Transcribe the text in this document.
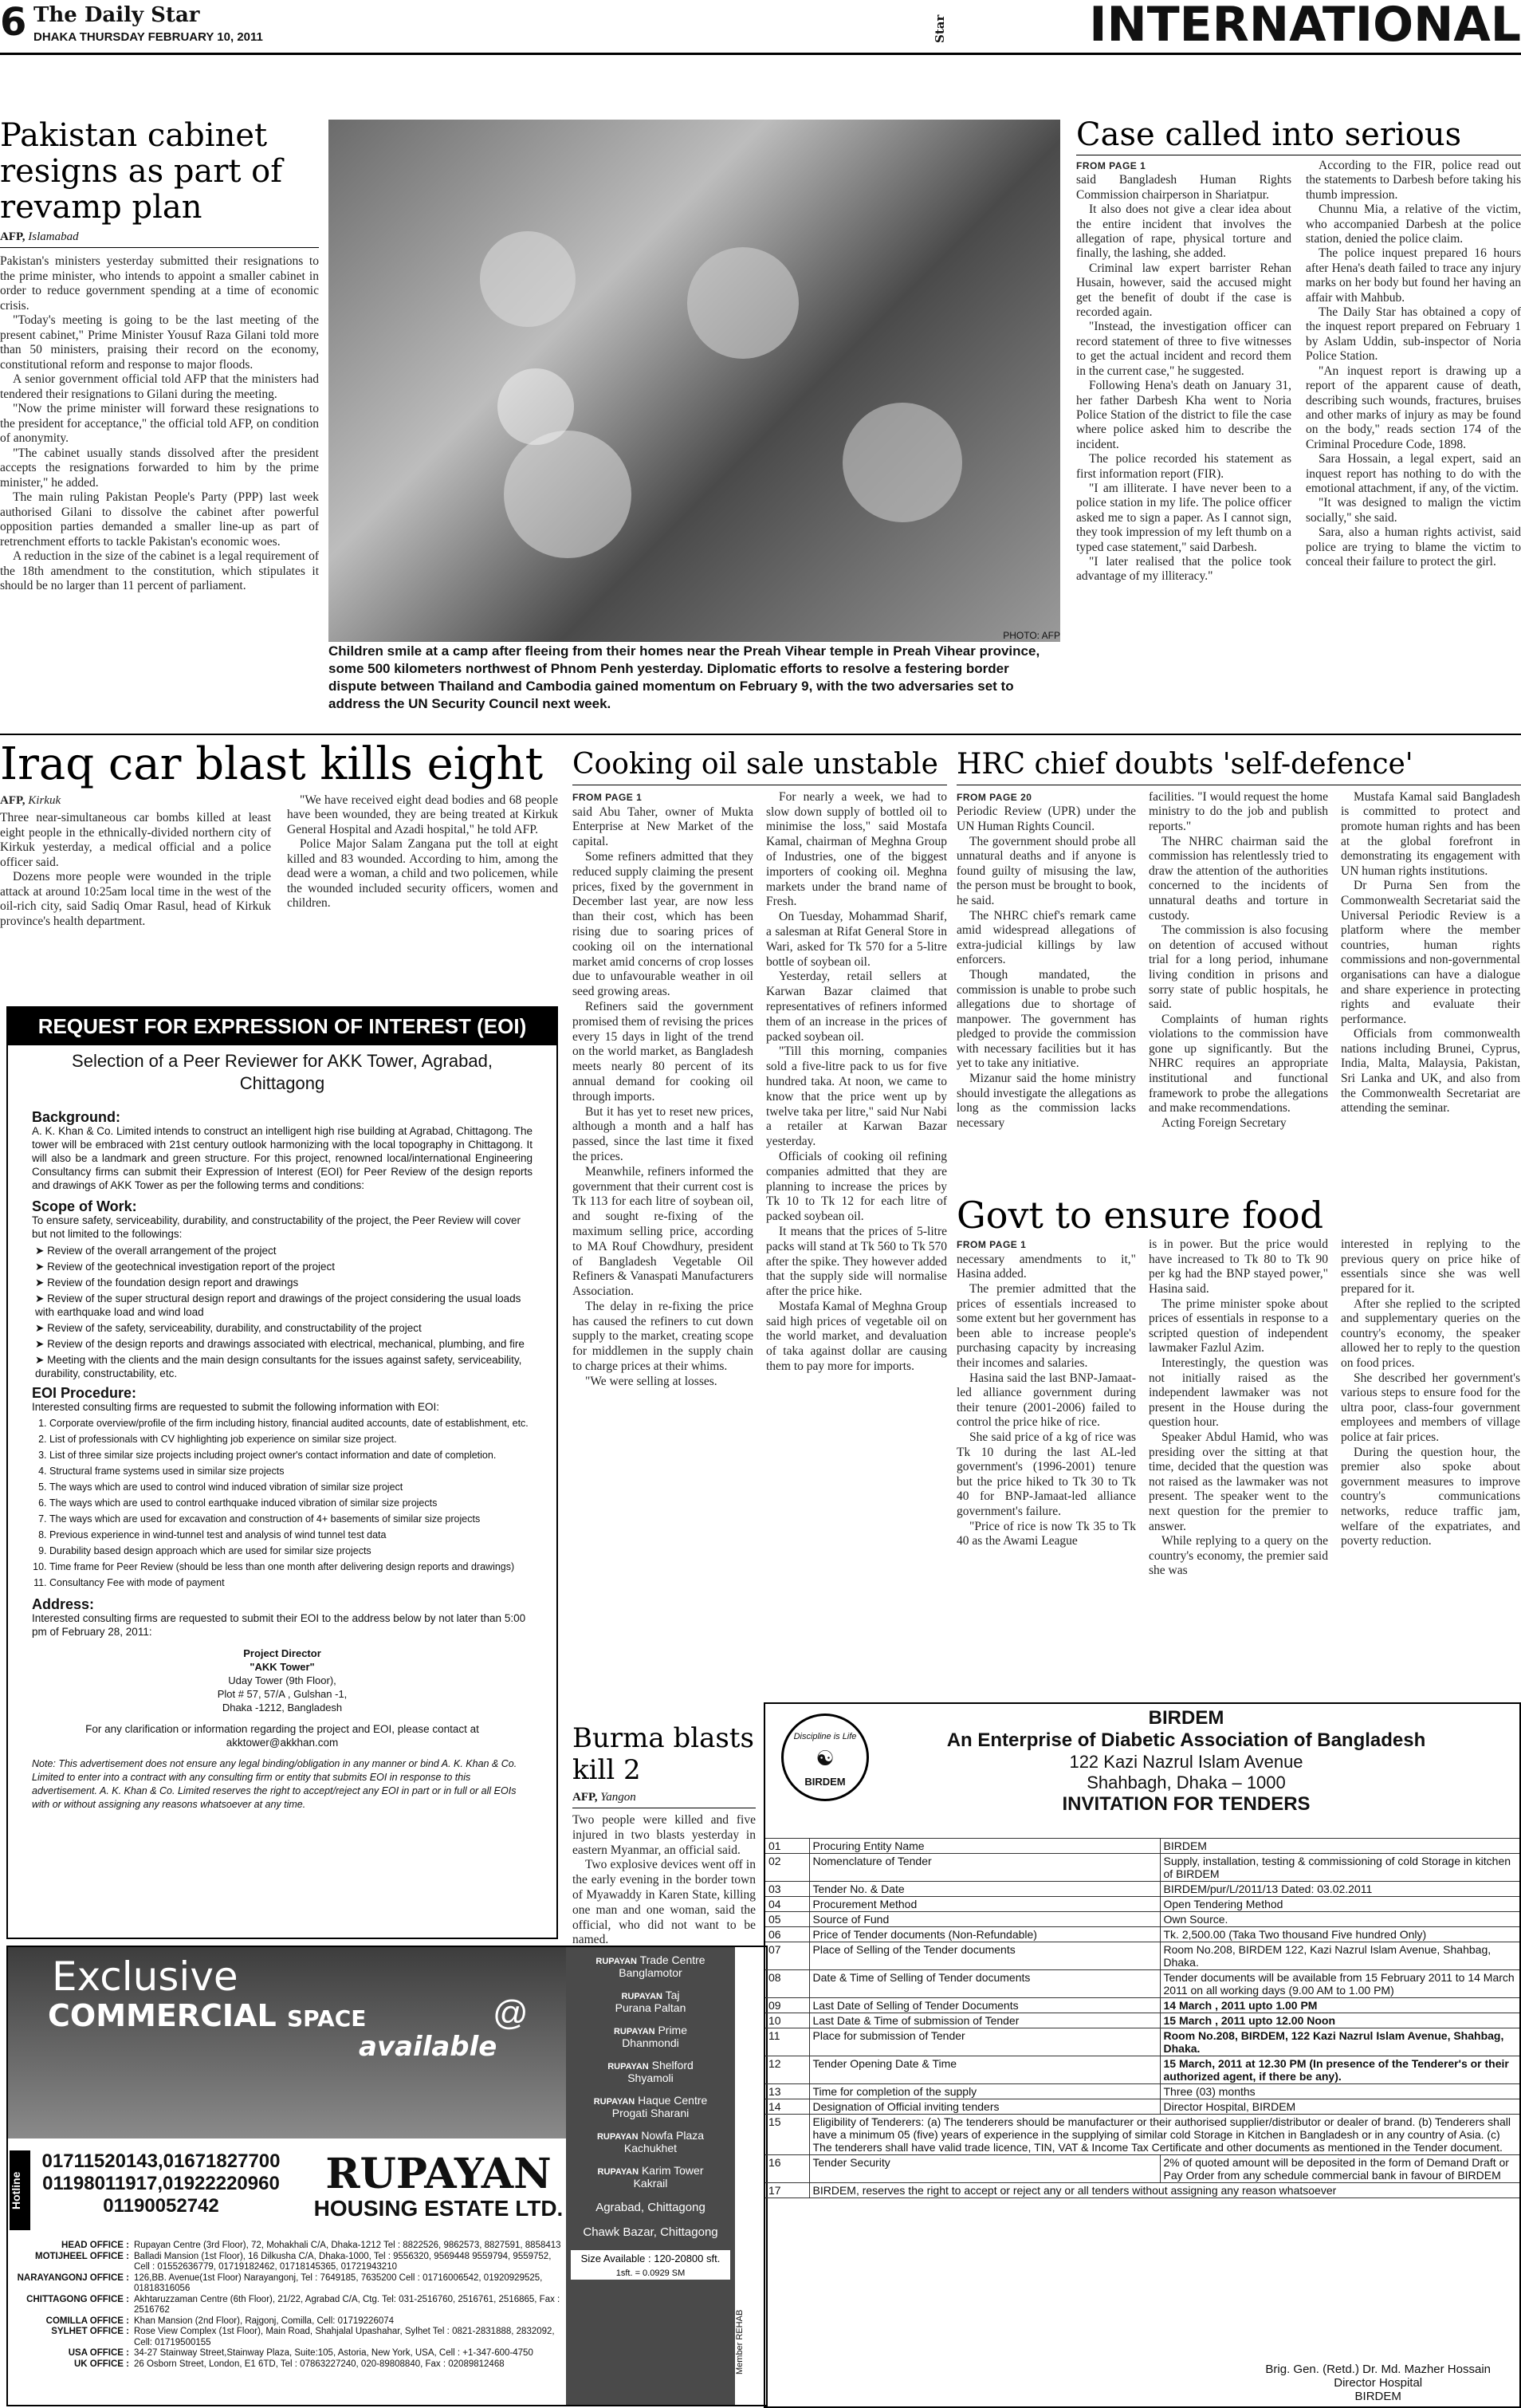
6 The Daily Star
DHAKA THURSDAY FEBRUARY 10, 2011	Star	INTERNATIONAL
Pakistan cabinet resigns as part of revamp plan
AFP, Islamabad

Pakistan's ministers yesterday submitted their resignations to the prime minister, who intends to appoint a smaller cabinet in order to reduce government spending at a time of economic crisis.

"Today's meeting is going to be the last meeting of the present cabinet," Prime Minister Yousuf Raza Gilani told more than 50 ministers, praising their record on the economy, constitutional reform and response to major floods.

A senior government official told AFP that the ministers had tendered their resignations to Gilani during the meeting.

"Now the prime minister will forward these resignations to the president for acceptance," the official told AFP, on condition of anonymity.

"The cabinet usually stands dissolved after the president accepts the resignations forwarded to him by the prime minister," he added.

The main ruling Pakistan People's Party (PPP) last week authorised Gilani to dissolve the cabinet after powerful opposition parties demanded a smaller line-up as part of retrenchment efforts to tackle Pakistan's economic woes.

A reduction in the size of the cabinet is a legal requirement of the 18th amendment to the constitution, which stipulates it should be no larger than 11 percent of parliament.

PHOTO: AFP
Children smile at a camp after fleeing from their homes near the Preah Vihear temple in Preah Vihear province, some 500 kilometers northwest of Phnom Penh yesterday. Diplomatic efforts to resolve a festering border dispute between Thailand and Cambodia gained momentum on February 9, with the two adversaries set to address the UN Security Council next week.
Case called into serious
FROM PAGE 1

said Bangladesh Human Rights Commission chairperson in Shariatpur.

It also does not give a clear idea about the entire incident that involves the allegation of rape, physical torture and finally, the lashing, she added.

Criminal law expert barrister Rehan Husain, however, said the accused might get the benefit of doubt if the case is recorded again.

"Instead, the investigation officer can record statement of three to five witnesses to get the actual incident and record them in the current case," he suggested.

Following Hena's death on January 31, her father Darbesh Kha went to Noria Police Station of the district to file the case where police asked him to describe the incident.

The police recorded his statement as first information report (FIR).

"I am illiterate. I have never been to a police station in my life. The police officer asked me to sign a paper. As I cannot sign, they took impression of my left thumb on a typed case statement," said Darbesh.

"I later realised that the police took advantage of my illiteracy."

According to the FIR, police read out the statements to Darbesh before taking his thumb impression.

Chunnu Mia, a relative of the victim, who accompanied Darbesh at the police station, denied the police claim.

The police inquest prepared 16 hours after Hena's death failed to trace any injury marks on her body but found her having an affair with Mahbub.

The Daily Star has obtained a copy of the inquest report prepared on February 1 by Aslam Uddin, sub-inspector of Noria Police Station.

"An inquest report is drawing up a report of the apparent cause of death, describing such wounds, fractures, bruises and other marks of injury as may be found on the body," reads section 174 of the Criminal Procedure Code, 1898.

Sara Hossain, a legal expert, said an inquest report has nothing to do with the emotional attachment, if any, of the victim.

"It was designed to malign the victim socially," she said.

Sara, also a human rights activist, said police are trying to blame the victim to conceal their failure to protect the girl.

Iraq car blast kills eight
AFP, Kirkuk

Three near-simultaneous car bombs killed at least eight people in the ethnically-divided northern city of Kirkuk yesterday, a medical official and a police officer said.

Dozens more people were wounded in the triple attack at around 10:25am local time in the west of the oil-rich city, said Sadiq Omar Rasul, head of Kirkuk province's health department.

"We have received eight dead bodies and 68 people have been wounded, they are being treated at Kirkuk General Hospital and Azadi hospital," he told AFP.

Police Major Salam Zangana put the toll at eight killed and 83 wounded. According to him, among the dead were a woman, a child and two policemen, while the wounded included security officers, women and children.

REQUEST FOR EXPRESSION OF INTEREST (EOI)
Selection of a Peer Reviewer for AKK Tower, Agrabad, Chittagong
Background:
A. K. Khan & Co. Limited intends to construct an intelligent high rise building at Agrabad, Chittagong. The tower will be embraced with 21st century outlook harmonizing with the local topography in Chittagong. It will also be a landmark and green structure. For this project, renowned local/international Engineering Consultancy firms can submit their Expression of Interest (EOI) for Peer Review of the design reports and drawings of AKK Tower as per the following terms and conditions:
Scope of Work:
To ensure safety, serviceability, durability, and constructability of the project, the Peer Review will cover but not limited to the followings:
➤ Review of the overall arrangement of the project
➤ Review of the geotechnical investigation report of the project
➤ Review of the foundation design report and drawings
➤ Review of the super structural design report and drawings of the project considering the usual loads with earthquake load and wind load
➤ Review of the safety, serviceability, durability, and constructability of the project
➤ Review of the design reports and drawings associated with electrical, mechanical, plumbing, and fire
➤ Meeting with the clients and the main design consultants for the issues against safety, serviceability, durability, constructability, etc.
EOI Procedure:
Interested consulting firms are requested to submit the following information with EOI:
1. Corporate overview/profile of the firm including history, financial audited accounts, date of establishment, etc.
2. List of professionals with CV highlighting job experience on similar size project.
3. List of three similar size projects including project owner's contact information and date of completion.
4. Structural frame systems used in similar size projects
5. The ways which are used to control wind induced vibration of similar size project
6. The ways which are used to control earthquake induced vibration of similar size projects
7. The ways which are used for excavation and construction of 4+ basements of similar size projects
8. Previous experience in wind-tunnel test and analysis of wind tunnel test data
9. Durability based design approach which are used for similar size projects
10. Time frame for Peer Review (should be less than one month after delivering design reports and drawings)
11. Consultancy Fee with mode of payment
Address:
Interested consulting firms are requested to submit their EOI to the address below by not later than 5:00 pm of February 28, 2011:
Project Director
"AKK Tower"
Uday Tower (9th Floor),
Plot # 57, 57/A , Gulshan -1,
Dhaka -1212, Bangladesh
For any clarification or information regarding the project and EOI, please contact at akktower@akkhan.com
Note: This advertisement does not ensure any legal binding/obligation in any manner or bind A. K. Khan & Co. Limited to enter into a contract with any consulting firm or entity that submits EOI in response to this advertisement. A. K. Khan & Co. Limited reserves the right to accept/reject any EOI in part or in full or all EOIs with or without assigning any reasons whatsoever at any time.
Exclusive
COMMERCIAL SPACE
available
@
Hotline
01711520143,01671827700
01198011917,01922220960
01190052742
RUPAYAN
HOUSING ESTATE LTD.
HEAD OFFICE : Rupayan Centre (3rd Floor), 72, Mohakhali C/A, Dhaka-1212 Tel : 8822526, 9862573, 8827591, 8858413
MOTIJHEEL OFFICE : Balladi Mansion (1st Floor), 16 Dilkusha C/A, Dhaka-1000, Tel : 9556320, 9569448 9559794, 9559752, Cell : 01552636779, 01719182462, 01718145365, 01721943210
NARAYANGONJ OFFICE : 126,BB. Avenue(1st Floor) Narayangonj, Tel : 7649185, 7635200 Cell : 01716006542, 01920929525, 01818316056
CHITTAGONG OFFICE : Akhtaruzzaman Centre (6th Floor), 21/22, Agrabad C/A, Ctg. Tel: 031-2516760, 2516761, 2516865, Fax : 2516762
COMILLA OFFICE : Khan Mansion (2nd Floor), Rajgonj, Comilla, Cell: 01719226074
SYLHET OFFICE : Rose View Complex (1st Floor), Main Road, Shahjalal Upashahar, Sylhet Tel : 0821-2831888, 2832092, Cell: 01719500155
USA OFFICE : 34-27 Stainway Street,Stainway Plaza, Suite:105, Astoria, New York, USA, Cell : +1-347-600-4750
UK OFFICE : 26 Osborn Street, London, E1 6TD, Tel : 07863227240, 020-89808840, Fax : 02089812468
RUPAYAN Trade Centre
Banglamotor
RUPAYAN Taj
Purana Paltan
RUPAYAN Prime
Dhanmondi
RUPAYAN Shelford
Shyamoli
RUPAYAN Haque Centre
Progati Sharani
RUPAYAN Nowfa Plaza
Kachukhet
RUPAYAN Karim Tower
Kakrail
Agrabad, Chittagong
Chawk Bazar, Chittagong
Size Available : 120-20800 sft.
1sft. = 0.0929 SM
Member REHAB
Cooking oil sale unstable
FROM PAGE 1

said Abu Taher, owner of Mukta Enterprise at New Market of the capital.

Some refiners admitted that they reduced supply claiming the present prices, fixed by the government in December last year, are now less than their cost, which has been rising due to soaring prices of cooking oil on the international market amid concerns of crop losses due to unfavourable weather in oil seed growing areas.

Refiners said the government promised them of revising the prices every 15 days in light of the trend on the world market, as Bangladesh meets nearly 80 percent of its annual demand for cooking oil through imports.

But it has yet to reset new prices, although a month and a half has passed, since the last time it fixed the prices.

Meanwhile, refiners informed the government that their current cost is Tk 113 for each litre of soybean oil, and sought re-fixing of the maximum selling price, according to MA Rouf Chowdhury, president of Bangladesh Vegetable Oil Refiners & Vanaspati Manufacturers Association.

The delay in re-fixing the price has caused the refiners to cut down supply to the market, creating scope for middlemen in the supply chain to charge prices at their whims.

"We were selling at losses.

For nearly a week, we had to slow down supply of bottled oil to minimise the loss," said Mostafa Kamal, chairman of Meghna Group of Industries, one of the biggest importers of cooking oil. Meghna markets under the brand name of Fresh.

On Tuesday, Mohammad Sharif, a salesman at Rifat General Store in Wari, asked for Tk 570 for a 5-litre bottle of soybean oil.

Yesterday, retail sellers at Karwan Bazar claimed that representatives of refiners informed them of an increase in the prices of packed soybean oil.

"Till this morning, companies sold a five-litre pack to us for five hundred taka. At noon, we came to know that the price went up by twelve taka per litre," said Nur Nabi a retailer at Karwan Bazar yesterday.

Officials of cooking oil refining companies admitted that they are planning to increase the prices by Tk 10 to Tk 12 for each litre of packed soybean oil.

It means that the prices of 5-litre packs will stand at Tk 560 to Tk 570 after the spike. They however added that the supply side will normalise after the price hike.

Mostafa Kamal of Meghna Group said high prices of vegetable oil on the world market, and devaluation of taka against dollar are causing them to pay more for imports.

Burma blasts kill 2
AFP, Yangon

Two people were killed and five injured in two blasts yesterday in eastern Myanmar, an official said.

Two explosive devices went off in the early evening in the border town of Myawaddy in Karen State, killing one man and one woman, said the official, who did not want to be named.

HRC chief doubts 'self-defence'
FROM PAGE 20

Periodic Review (UPR) under the UN Human Rights Council.

The government should probe all unnatural deaths and if anyone is found guilty of misusing the law, the person must be brought to book, he said.

The NHRC chief's remark came amid widespread allegations of extra-judicial killings by law enforcers.

Though mandated, the commission is unable to probe such allegations due to shortage of manpower. The government has pledged to provide the commission with necessary facilities but it has yet to take any initiative.

Mizanur said the home ministry should investigate the allegations as long as the commission lacks necessary

facilities. "I would request the home ministry to do the job and publish reports."

The NHRC chairman said the commission has relentlessly tried to draw the attention of the authorities concerned to the incidents of unnatural deaths and torture in custody.

The commission is also focusing on detention of accused without trial for a long period, inhumane living condition in prisons and sorry state of public hospitals, he said.

Complaints of human rights violations to the commission have gone up significantly. But the NHRC requires an appropriate institutional and functional framework to probe the allegations and make recommendations.

Acting Foreign Secretary

Mustafa Kamal said Bangladesh is committed to protect and promote human rights and has been at the global forefront in demonstrating its engagement with UN human rights institutions.

Dr Purna Sen from the Commonwealth Secretariat said the Universal Periodic Review is a platform where the member countries, human rights commissions and non-governmental organisations can have a dialogue and share experience in protecting rights and evaluate their performance.

Officials from commonwealth nations including Brunei, Cyprus, India, Malta, Malaysia, Pakistan, Sri Lanka and UK, and also from the Commonwealth Secretariat are attending the seminar.

Govt to ensure food
FROM PAGE 1

necessary amendments to it," Hasina added.

The premier admitted that the prices of essentials increased to some extent but her government has been able to increase people's purchasing capacity by increasing their incomes and salaries.

Hasina said the last BNP-Jamaat-led alliance government during their tenure (2001-2006) failed to control the price hike of rice.

She said price of a kg of rice was Tk 10 during the last AL-led government's (1996-2001) tenure but the price hiked to Tk 30 to Tk 40 for BNP-Jamaat-led alliance government's failure.

"Price of rice is now Tk 35 to Tk 40 as the Awami League

is in power. But the price would have increased to Tk 80 to Tk 90 per kg had the BNP stayed power," Hasina said.

The prime minister spoke about prices of essentials in response to a scripted question of independent lawmaker Fazlul Azim.

Interestingly, the question was not initially raised as the independent lawmaker was not present in the House during the question hour.

Speaker Abdul Hamid, who was presiding over the sitting at that time, decided that the question was not raised as the lawmaker was not present. The speaker went to the next question for the premier to answer.

While replying to a query on the country's economy, the premier said she was

interested in replying to the previous query on price hike of essentials since she was well prepared for it.

After she replied to the scripted and supplementary queries on the country's economy, the speaker allowed her to reply to the question on food prices.

She described her government's various steps to ensure food for the ultra poor, class-four government employees and members of village police at fair prices.

During the question hour, the premier also spoke about government measures to improve country's communications networks, reduce traffic jam, welfare of the expatriates, and poverty reduction.

Discipline is Life
☯
BIRDEM
BIRDEM
An Enterprise of Diabetic Association of Bangladesh
122 Kazi Nazrul Islam Avenue
Shahbagh, Dhaka – 1000
INVITATION FOR TENDERS
01	Procuring Entity Name	BIRDEM
02	Nomenclature of Tender	Supply, installation, testing & commissioning of cold Storage in kitchen of BIRDEM
03	Tender No. & Date	BIRDEM/pur/L/2011/13 Dated: 03.02.2011
04	Procurement Method	Open Tendering Method
05	Source of Fund	Own Source.
06	Price of Tender documents (Non-Refundable)	Tk. 2,500.00 (Taka Two thousand Five hundred Only)
07	Place of Selling of the Tender documents	Room No.208, BIRDEM 122, Kazi Nazrul Islam Avenue, Shahbag, Dhaka.
08	Date & Time of Selling of Tender documents	Tender documents will be available from 15 February 2011 to 14 March 2011 on all working days (9.00 AM to 1.00 PM)
09	Last Date of Selling of Tender Documents	14 March , 2011 upto 1.00 PM
10	Last Date & Time of submission of Tender	15 March , 2011 upto 12.00 Noon
11	Place for submission of Tender	Room No.208, BIRDEM, 122 Kazi Nazrul Islam Avenue, Shahbag, Dhaka.
12	Tender Opening Date & Time	15 March, 2011 at 12.30 PM (In presence of the Tenderer's or their authorized agent, if there be any).
13	Time for completion of the supply	Three (03) months
14	Designation of Official inviting tenders	Director Hospital, BIRDEM
15	Eligibility of Tenderers: (a) The tenderers should be manufacturer or their authorised supplier/distributor or dealer of brand. (b) Tenderers shall have a minimum 05 (five) years of experience in the supplying of similar cold Storage in Kitchen in Bangladesh or in any country of Asia. (c) The tenderers shall have valid trade licence, TIN, VAT & Income Tax Certificate and other documents as mentioned in the Tender document.	
16	Tender Security	2% of quoted amount will be deposited in the form of Demand Draft or Pay Order from any schedule commercial bank in favour of BIRDEM
17	BIRDEM, reserves the right to accept or reject any or all tenders without assigning any reason whatsoever	
Brig. Gen. (Retd.) Dr. Md. Mazher Hossain
Director Hospital
BIRDEM
